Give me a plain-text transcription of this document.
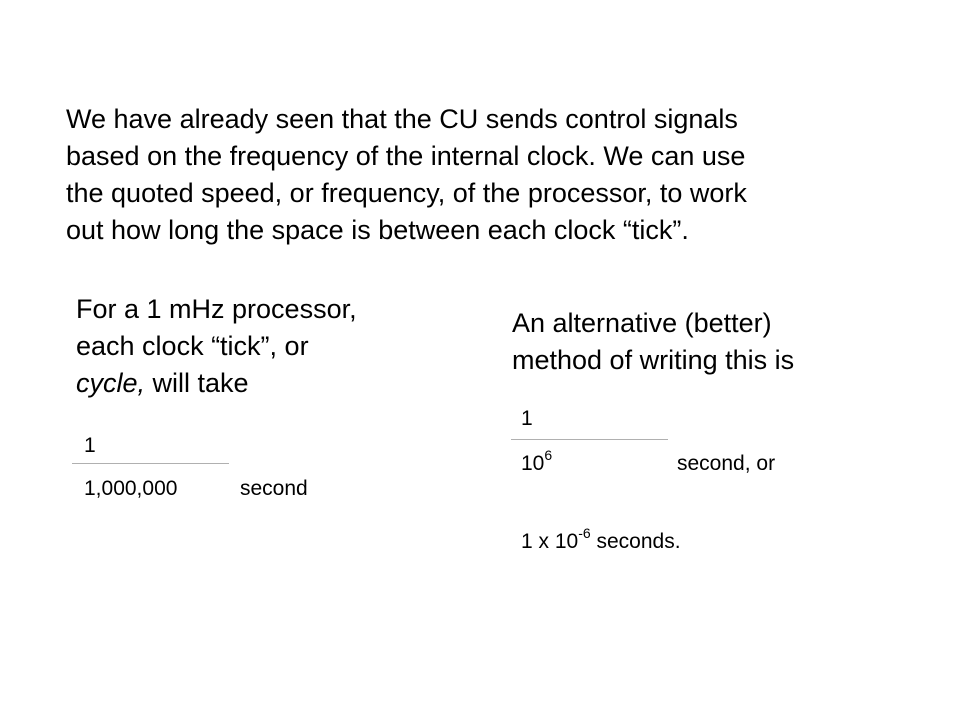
We have already seen that the CU sends control signals
based on the frequency of the internal clock. We can use
the quoted speed, or frequency, of the processor, to work
out how long the space is between each clock “tick”.

For a 1 mHz processor,
each clock “tick”, or
cycle, will take

1
1,000,000	second

An alternative (better)
method of writing this is

1
$10^6$	second, or
1 x $10^{-6}$ seconds.
